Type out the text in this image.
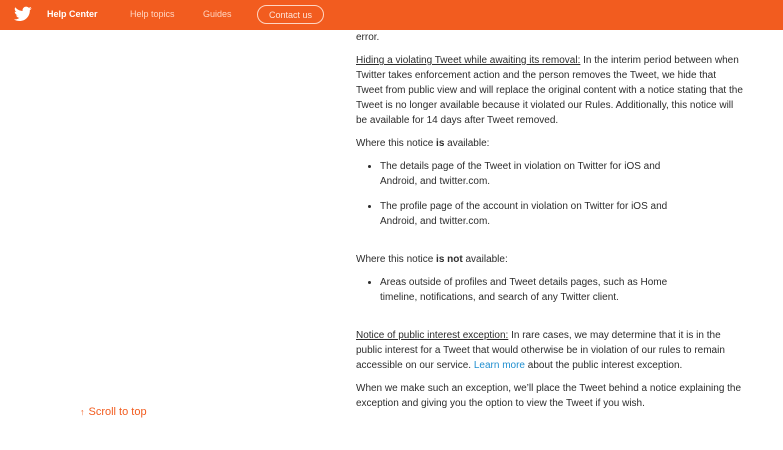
Help Center	Help topics	Guides	Contact us
↑ Scroll to top

error.

Hiding a violating Tweet while awaiting its removal: In the interim period between when Twitter takes enforcement action and the person removes the Tweet, we hide that Tweet from public view and will replace the original content with a notice stating that the Tweet is no longer available because it violated our Rules. Additionally, this notice will be available for 14 days after Tweet removed.

Where this notice is available:

The details page of the Tweet in violation on Twitter for iOS and Android, and twitter.com.
The profile page of the account in violation on Twitter for iOS and Android, and twitter.com.

Where this notice is not available:

Areas outside of profiles and Tweet details pages, such as Home timeline, notifications, and search of any Twitter client.

Notice of public interest exception: In rare cases, we may determine that it is in the public interest for a Tweet that would otherwise be in violation of our rules to remain accessible on our service. Learn more about the public interest exception.

When we make such an exception, we’ll place the Tweet behind a notice explaining the exception and giving you the option to view the Tweet if you wish.
